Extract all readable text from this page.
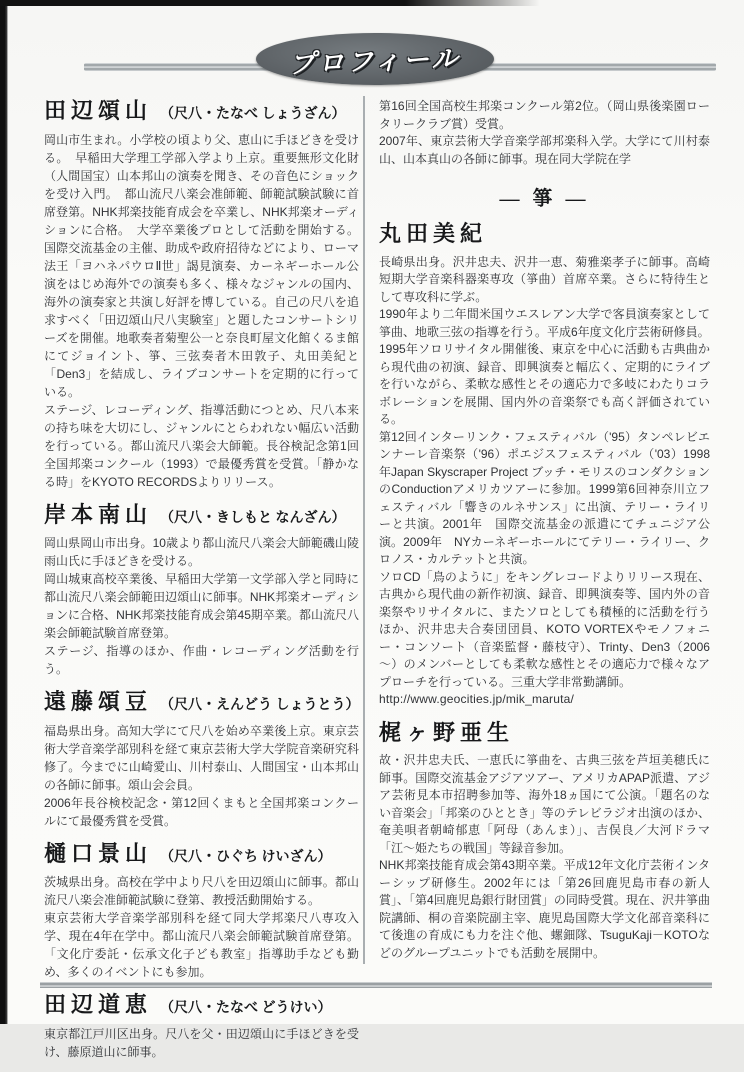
プロフィール
田辺頌山 （尺八・たなべ しょうざん）

岡山市生まれ。小学校の頃より父、恵山に手ほどきを受ける。　早稲田大学理工学部入学より上京。重要無形文化財（人間国宝）山本邦山の演奏を聞き、その音色にショックを受け入門。　都山流尺八楽会准師範、師範試験試験に首席登第。NHK邦楽技能育成会を卒業し、NHK邦楽オーディションに合格。　大学卒業後プロとして活動を開始する。国際交流基金の主催、助成や政府招待などにより、ローマ法王「ヨハネパウロⅡ世」謁見演奏、カーネギーホール公演をはじめ海外での演奏も多く、様々なジャンルの国内、海外の演奏家と共演し好評を博している。自己の尺八を追求すべく「田辺頌山尺八実験室」と題したコンサートシリーズを開催。地歌奏者菊聖公一と奈良町屋文化館くるま館にてジョイント、箏、三弦奏者木田敦子、丸田美紀と「Den3」を結成し、ライブコンサートを定期的に行っている。

ステージ、レコーディング、指導活動につとめ、尺八本来の持ち味を大切にし、ジャンルにとらわれない幅広い活動を行っている。都山流尺八楽会大師範。長谷検記念第1回全国邦楽コンクール（1993）で最優秀賞を受賞。「静かなる時」をKYOTO RECORDSよりリリース。

岸本南山 （尺八・きしもと なんざん）

岡山県岡山市出身。10歳より都山流尺八楽会大師範磯山陵雨山氏に手ほどきを受ける。

岡山城東高校卒業後、早稲田大学第一文学部入学と同時に都山流尺八楽会師範田辺頌山に師事。NHK邦楽オーディションに合格、NHK邦楽技能育成会第45期卒業。都山流尺八楽会師範試験首席登第。

ステージ、指導のほか、作曲・レコーディング活動を行う。

遠藤頌豆 （尺八・えんどう しょうとう）

福島県出身。高知大学にて尺八を始め卒業後上京。東京芸術大学音楽学部別科を経て東京芸術大学大学院音楽研究科修了。今までに山崎愛山、川村泰山、人間国宝・山本邦山の各師に師事。頌山会会員。

2006年長谷検校記念・第12回くまもと全国邦楽コンクールにて最優秀賞を受賞。

樋口景山 （尺八・ひぐち けいざん）

茨城県出身。高校在学中より尺八を田辺頌山に師事。都山流尺八楽会准師範試験に登第、教授活動開始する。

東京芸術大学音楽学部別科を経て同大学邦楽尺八専攻入学、現在4年在学中。都山流尺八楽会師範試験首席登第。「文化庁委託・伝承文化子ども教室」指導助手なども勤め、多くのイベントにも参加。

田辺道恵 （尺八・たなべ どうけい）

東京都江戸川区出身。尺八を父・田辺頌山に手ほどきを受け、藤原道山に師事。

第16回全国高校生邦楽コンクール第2位。（岡山県後楽園ロータリークラブ賞）受賞。

2007年、東京芸術大学音楽学部邦楽科入学。大学にて川村泰山、山本真山の各師に師事。現在同大学院在学

— 箏 —
丸田美紀

長崎県出身。沢井忠夫、沢井一恵、菊雅楽孝子に師事。高崎短期大学音楽科器楽専攻（箏曲）首席卒業。さらに特待生として専攻科に学ぶ。

1990年より二年間米国ウエスレアン大学で客員演奏家として箏曲、地歌三弦の指導を行う。平成6年度文化庁芸術研修員。

1995年ソロリサイタル開催後、東京を中心に活動も古典曲から現代曲の初演、録音、即興演奏と幅広く、定期的にライブを行いながら、柔軟な感性とその適応力で多岐にわたりコラボレーションを展開、国内外の音楽祭でも高く評価されている。

第12回インターリンク・フェスティバル（'95）タンペレビエンナーレ音楽祭（'96）ポエジスフェスティバル（'03）1998年Japan Skyscraper Project ブッチ・モリスのコンダクションのConductionアメリカツアーに参加。1999第6回神奈川立フェスティバル「響きのルネサンス」に出演、テリー・ライリーと共演。2001年　国際交流基金の派遣にてチュニジア公演。2009年　NYカーネギーホールにてテリー・ライリー、クロノス・カルテットと共演。

ソロCD「鳥のように」をキングレコードよりリリース現在、古典から現代曲の新作初演、録音、即興演奏等、国内外の音楽祭やリサイタルに、またソロとしても積極的に活動を行うほか、沢井忠夫合奏団団員、KOTO VORTEXやモノフォニー・コンソート（音楽監督・藤枝守）、Trinty、Den3（2006～）のメンバーとしても柔軟な感性とその適応力で様々なアプローチを行っている。三重大学非常勤講師。

http://www.geocities.jp/mik_maruta/

梶ヶ野亜生

故・沢井忠夫氏、一恵氏に箏曲を、古典三弦を芦垣美穂氏に師事。国際交流基金アジアツアー、アメリカAPAP派遣、アジア芸術見本市招聘参加等、海外18ヵ国にて公演。「題名のない音楽会」「邦楽のひととき」等のテレビラジオ出演のほか、奄美唄者朝崎郁恵「阿母（あんま）」、吉俣良／大河ドラマ「江～姫たちの戦国」等録音参加。

NHK邦楽技能育成会第43期卒業。平成12年文化庁芸術インターシップ研修生。2002年には「第26回鹿児島市春の新人賞」、「第4回鹿児島銀行財団賞」の同時受賞。現在、沢井箏曲院講師、桐の音楽院副主宰、鹿児島国際大学文化部音楽科にて後進の育成にも力を注ぐ他、螺鈿隊、TsuguKaji－KOTOなどのグループユニットでも活動を展開中。
